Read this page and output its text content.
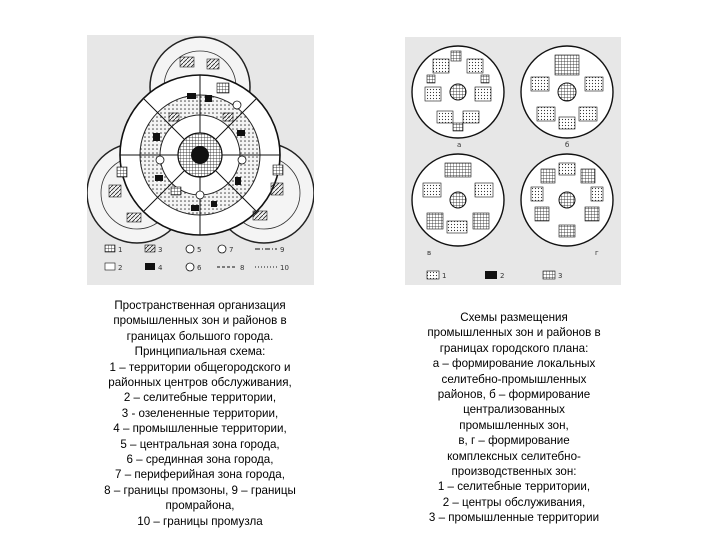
1
2
3
4
5
6
7
8
9
10
а	б
в	г
1	2	3
Пространственная организация
промышленных зон и районов в
границах большого города.
Принципиальная схема:
1 – территории общегородского и
районных центров обслуживания,
2 – селитебные территории,
3 - озелененные территории,
4 – промышленные территории,
5 – центральная зона города,
6 – срединная зона города,
7 – периферийная зона города,
8 – границы промзоны, 9 – границы
промрайона,
10 – границы промузла
Схемы размещения
промышленных зон и районов в
границах городского плана:
а – формирование локальных
селитебно-промышленных
районов, б – формирование
централизованных
промышленных зон,
в, г – формирование
комплексных селитебно-
производственных зон:
1 – селитебные территории,
2 – центры обслуживания,
3 – промышленные территории
